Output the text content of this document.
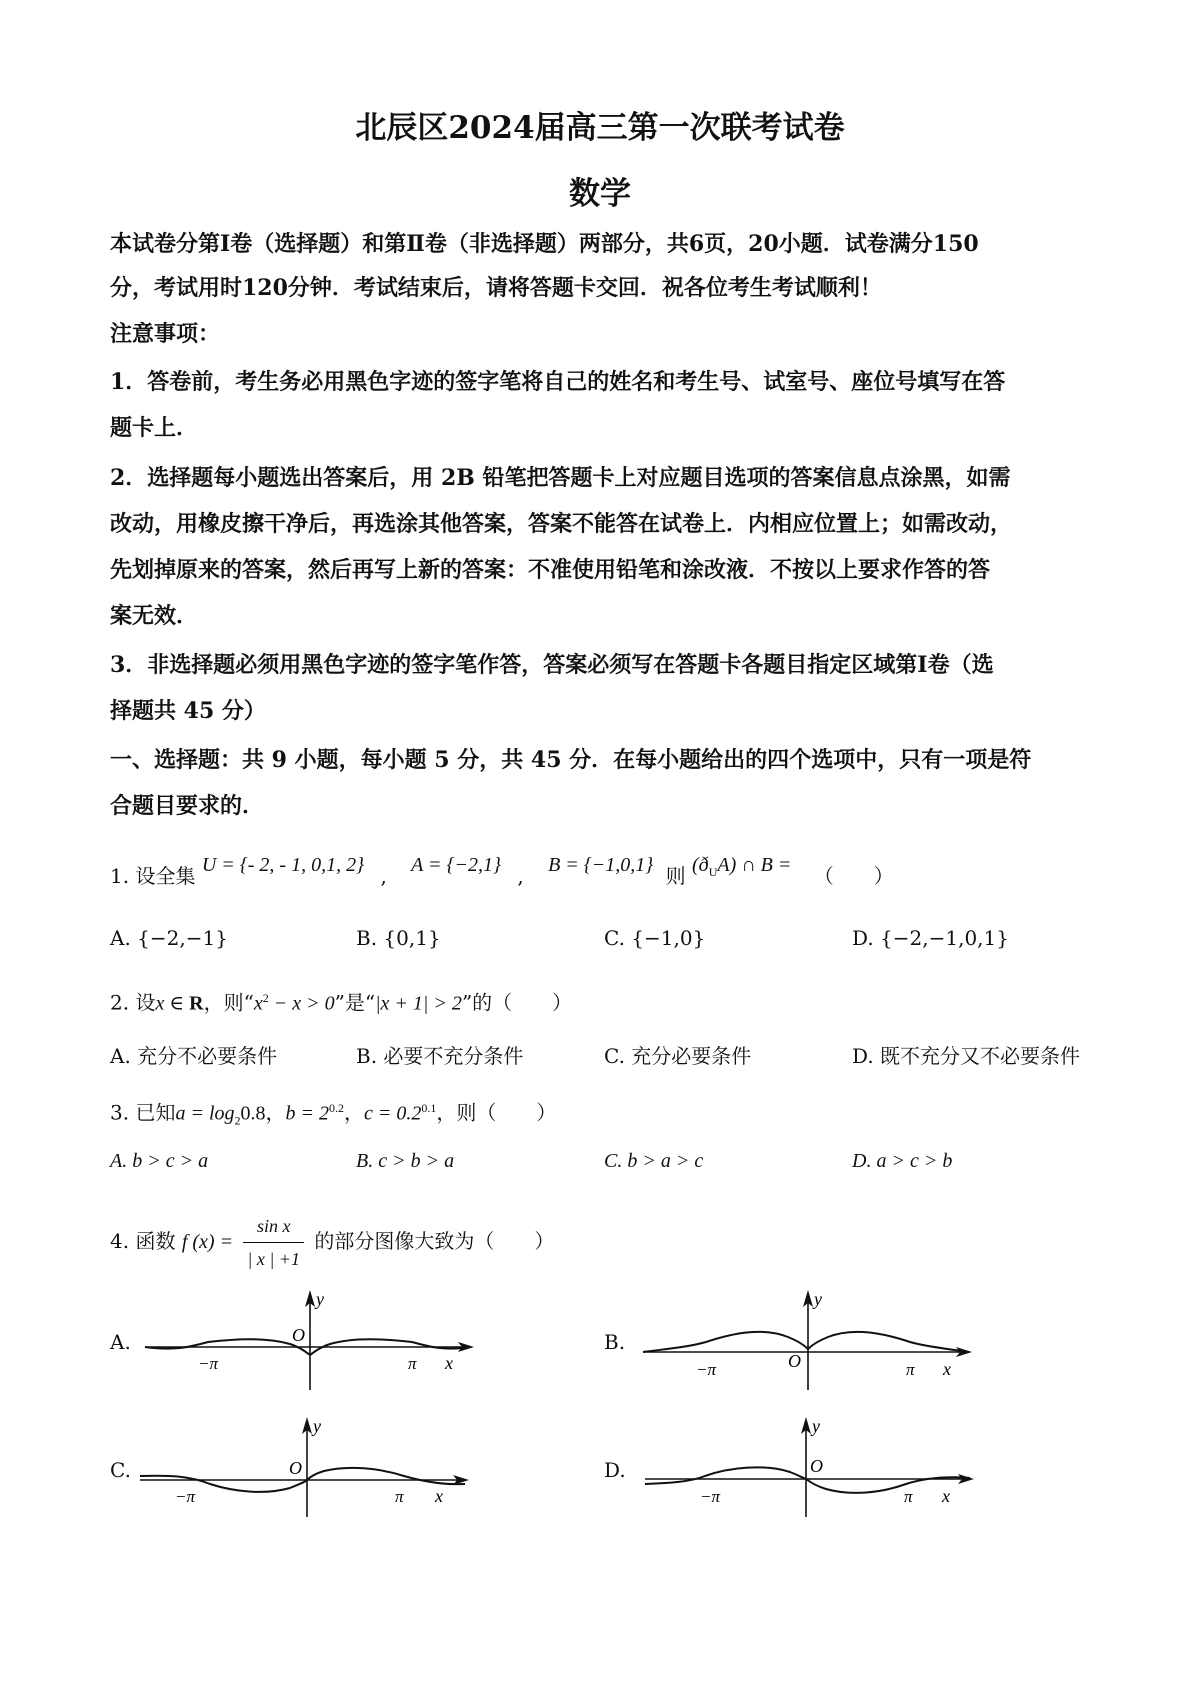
北辰区2024届高三第一次联考试卷
数学
本试卷分第Ⅰ卷（选择题）和第Ⅱ卷（非选择题）两部分，共6页，20小题．试卷满分150
分，考试用时120分钟．考试结束后，请将答题卡交回．祝各位考生考试顺利！
注意事项：
1．答卷前，考生务必用黑色字迹的签字笔将自己的姓名和考生号、试室号、座位号填写在答
题卡上．
2．选择题每小题选出答案后，用 2B 铅笔把答题卡上对应题目选项的答案信息点涂黑，如需
改动，用橡皮擦干净后，再选涂其他答案，答案不能答在试卷上．内相应位置上；如需改动，
先划掉原来的答案，然后再写上新的答案：不准使用铅笔和涂改液．不按以上要求作答的答
案无效．
3．非选择题必须用黑色字迹的签字笔作答，答案必须写在答题卡各题目指定区域第Ⅰ卷（选
择题共 45 分）
一、选择题：共 9 小题，每小题 5 分，共 45 分．在每小题给出的四个选项中，只有一项是符
合题目要求的．
1. 设全集 U = {- 2, - 1, 0,1, 2} , A = {−2,1} , B = {−1,0,1} 则 $(ð_UA)$ ∩ B = （　　）
A. {−2,−1}	B. {0,1}	C. {−1,0}	D. {−2,−1,0,1}
2. 设x ∈ R，则“$x^2 - x > 0$”是“|x + 1| > 2”的（　　）
A. 充分不必要条件	B. 必要不充分条件	C. 充分必要条件	D. 既不充分又不必要条件
3. 已知$a = \log_20.8$，$b = 2^{0.2}$，$c = 0.2^{0.1}$，则（　　）
A. b > c > a	B. c > b > a	C. b > a > c	D. a > c > b
4. 函数 f $(x) = \frac{\text{sin x}}{| x | +1}$ 的部分图像大致为（　　）
A.	B.
C.	D.
y
O
−π	π x
y
O
−π	π x
y
O
−π	π x
y
O
−π	π x
